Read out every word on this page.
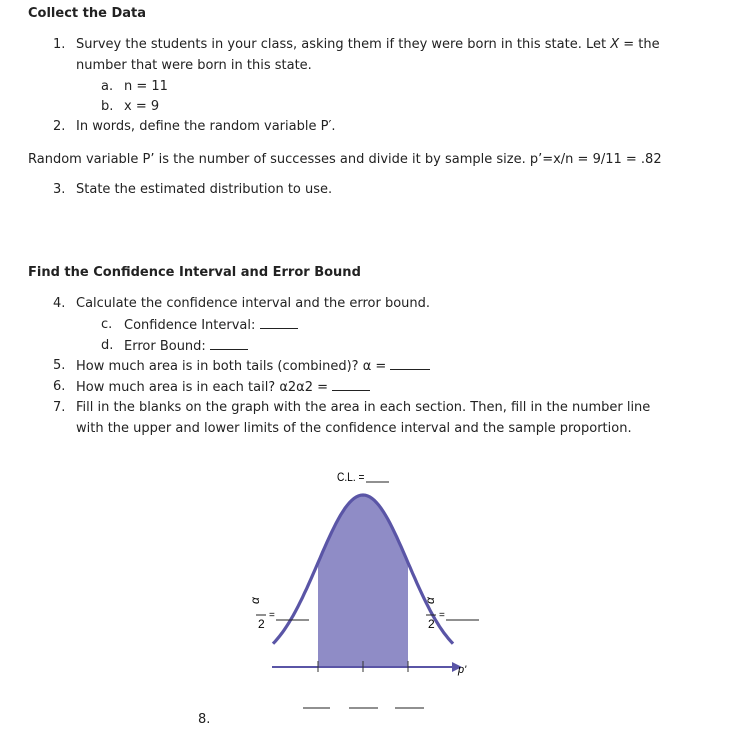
Collect the Data
1. Survey the students in your class, asking them if they were born in this state. Let X = the
number that were born in this state.
a. n = 11
b. x = 9
2. In words, define the random variable P′.
Random variable P’ is the number of successes and divide it by sample size. p’=x/n = 9/11 = .82
3. State the estimated distribution to use.
Find the Confidence Interval and Error Bound
4. Calculate the confidence interval and the error bound.
c. Confidence Interval:
d. Error Bound:
5. How much area is in both tails (combined)? α =
6. How much area is in each tail? α2α2 =
7. Fill in the blanks on the graph with the area in each section. Then, fill in the number line
with the upper and lower limits of the confidence interval and the sample proportion.
8.
p'
C.L. =
α
2
=
α
2
=
